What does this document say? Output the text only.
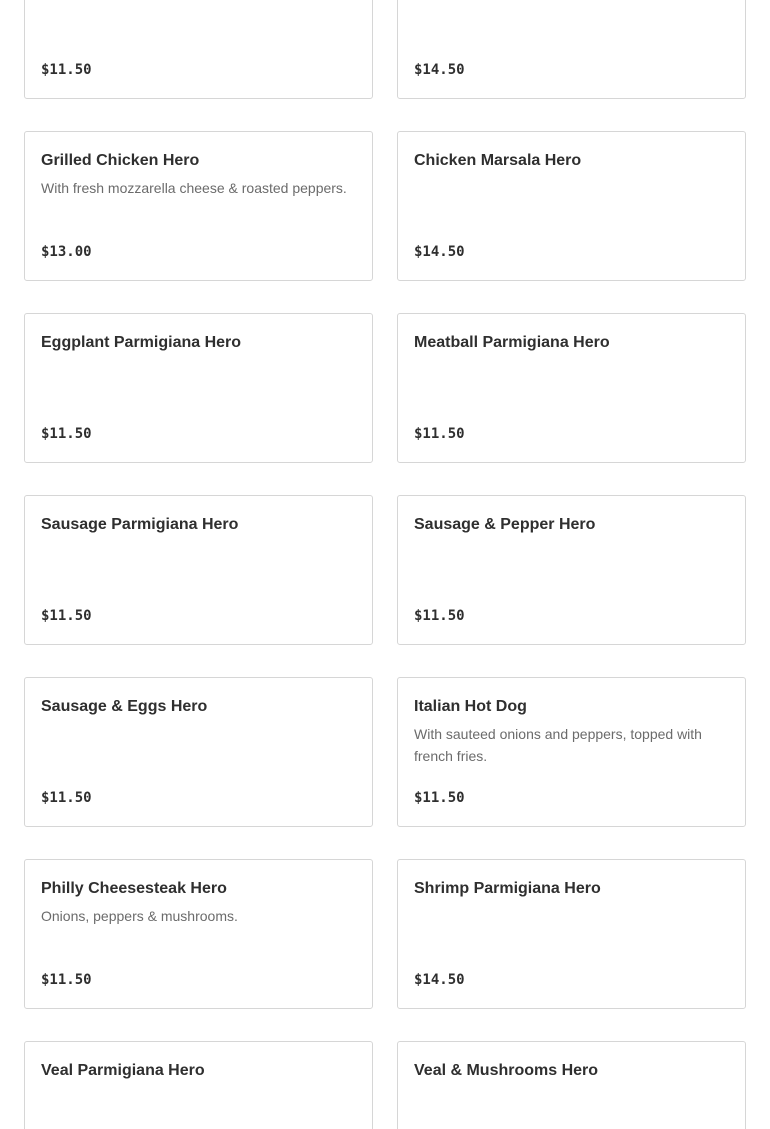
$11.50	$14.50
Grilled Chicken Hero
With fresh mozzarella cheese & roasted peppers.
$13.00
Chicken Marsala Hero
$14.50
Eggplant Parmigiana Hero
$11.50
Meatball Parmigiana Hero
$11.50
Sausage Parmigiana Hero
$11.50
Sausage & Pepper Hero
$11.50
Sausage & Eggs Hero
$11.50
Italian Hot Dog
With sauteed onions and peppers, topped with french fries.
$11.50
Philly Cheesesteak Hero
Onions, peppers & mushrooms.
$11.50
Shrimp Parmigiana Hero
$14.50
Veal Parmigiana Hero	Veal & Mushrooms Hero
